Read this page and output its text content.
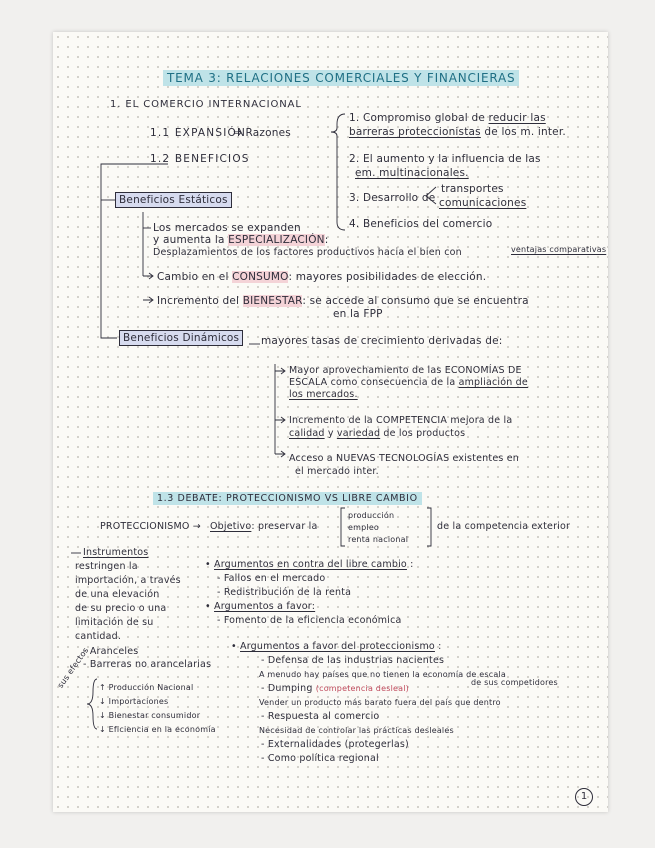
TEMA 3: RELACIONES COMERCIALES Y FINANCIERAS
1. EL COMERCIO INTERNACIONAL
1.1 EXPANSIÓN
⇒ Razones
1. Compromiso global de reducir las
barreras proteccionistas de los m. inter.
2. El aumento y la influencia de las
em. multinacionales.
3. Desarrollo de
transportes
comunicaciones
4. Beneficios del comercio
1.2 BENEFICIOS
Beneficios Estáticos
Los mercados se expanden
y aumenta la ESPECIALIZACIÓN:
Desplazamientos de los factores productivos hacia el bien con	ventajas comparativas
Cambio en el CONSUMO: mayores posibilidades de elección.
Incremento del BIENESTAR: se accede al consumo que se encuentra
en la FPP
Beneficios Dinámicos	mayores tasas de crecimiento derivadas de:
Mayor aprovechamiento de las ECONOMÍAS DE
ESCALA como consecuencia de la ampliación de
los mercados.
Incremento de la COMPETENCIA mejora de la
calidad y variedad de los productos
Acceso a NUEVAS TECNOLOGÍAS existentes en
el mercado inter.
1.3 DEBATE: PROTECCIONISMO VS LIBRE CAMBIO
PROTECCIONISMO → Objetivo: preservar la
producción
empleo
renta nacional
de la competencia exterior
Instrumentos
restringen la
importación, a través
de una elevación
de su precio o una
limitación de su
cantidad.
- Aranceles
- Barreras no arancelarias
sus efectos ↑ Producción Nacional
↓ Importaciones
↓ Bienestar consumidor
↓ Eficiencia en la economía
• Argumentos en contra del libre cambio :
- Fallos en el mercado
- Redistribución de la renta
• Argumentos a favor:
- Fomento de la eficiencia económica
• Argumentos a favor del proteccionismo :
- Defensa de las industrias nacientes
A menudo hay países que no tienen la economía de escala
de sus competidores
- Dumping (competencia desleal)
Vender un producto más barato fuera del país que dentro
- Respuesta al comercio
Necesidad de controlar las prácticas desleales
- Externalidades (protegerlas)
- Como política regional
1
